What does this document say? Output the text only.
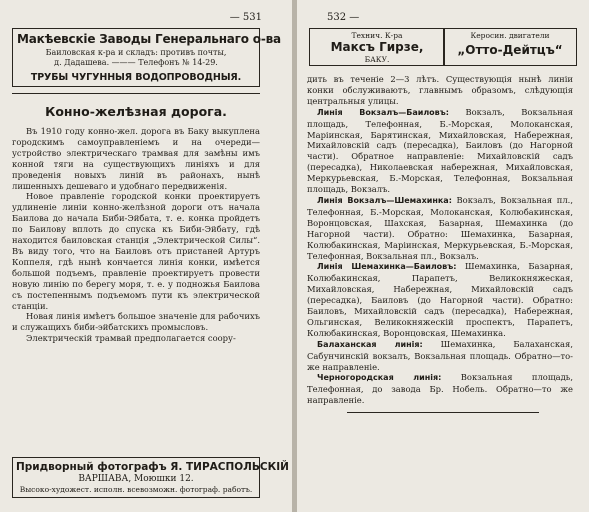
— 531
Макѣевскiе Заводы Генеральнаго о-ва
Баиловская к-ра и складъ: противъ почты,
д. Дадашева. ——— Телефонъ № 14-29.
ТРУБЫ ЧУГУННЫЯ ВОДОПРОВОДНЫЯ.
Конно-желѣзная дорога.

Въ 1910 году конно-жел. дорога въ Баку выкуплена городскимъ самоуправленiемъ и на очереди—устройство электрическаго трамвая для замѣны имъ конной тяги на существующихъ линiяхъ и для проведенiя новыхъ линiй въ районахъ, нынѣ лишенныхъ дешеваго и удобнаго передвиженiя.

Новое правленiе городской конки проектируетъ удлиненiе линiи конно-желѣзной дороги отъ начала Баилова до начала Биби-Эйбата, т. е. конка пройдетъ по Баилову вплоть до спуска къ Биби-Эйбату, гдѣ находится баиловская станцiя „Электрической Силы“. Въ виду того, что на Баиловъ отъ пристаней Артуръ Коппеля, гдѣ нынѣ кончается линiя конки, имѣется большой подъемъ, правленiе проектируетъ провести новую линiю по берегу моря, т. е. у подножья Баилова съ постепеннымъ подъемомъ пути къ электрической станцiи.

Новая линiя имѣетъ большое значенiе для рабочихъ и служащихъ биби-эйбатскихъ промысловъ.

Электрическiй трамвай предполагается соору-

Придворный фотографъ Я. ТИРАСПОЛЬСКIЙ
ВАРШАВА, Моюшки 12.
Высоко-художест. исполн. всевозможн. фотограф. работъ.
532 —
Технич. К-ра
Максъ Гирзе,
БАКУ.
Керосин. двигатели
„Отто-Дейтцъ“

дить въ теченiе 2—3 лѣтъ. Существующiя нынѣ линiи конки обслуживаютъ, главнымъ образомъ, слѣдующiя центральныя улицы.

Линiя Вокзалъ—Баиловъ: Вокзалъ, Вокзальная площадь, Телефонная, Б.-Морская, Молоканская, Марiинская, Барятинская, Михайловская, Набережная, Михайловскiй садъ (пересадка), Баиловъ (до Нагорной части). Обратное направленiе: Михайловскiй садъ (пересадка), Николаевская набережная, Михайловская, Меркурьевская, Б.-Морская, Телефонная, Вокзальная площадь, Вокзалъ.

Линiя Вокзалъ—Шемахинка: Вокзалъ, Вокзальная пл., Телефонная, Б.-Морская, Молоканская, Колюбакинская, Воронцовская, Шахская, Базарная, Шемахинка (до Нагорной части). Обратно: Шемахинка, Базарная, Колюбакинская, Марiинская, Меркурьевская, Б.-Морская, Телефонная, Вокзальная пл., Вокзалъ.

Линiя Шемахинка—Баиловъ: Шемахинка, Базарная, Колюбакинская, Парапетъ, Великокняжеская, Михайловская, Набережная, Михайловскiй садъ (пересадка), Баиловъ (до Нагорной части). Обратно: Баиловъ, Михайловскiй садъ (пересадка), Набережная, Ольгинская, Великокняжескiй проспектъ, Парапетъ, Колюбакинская, Воронцовская, Шемахинка.

Балаханская линiя: Шемахинка, Балаханская, Сабунчинскiй вокзалъ, Вокзальная площадь. Обратно—то-же направленiе.

Черногородская линiя: Вокзальная площадь, Телефонная, до завода Бр. Нобель. Обратно—то же направленiе.
